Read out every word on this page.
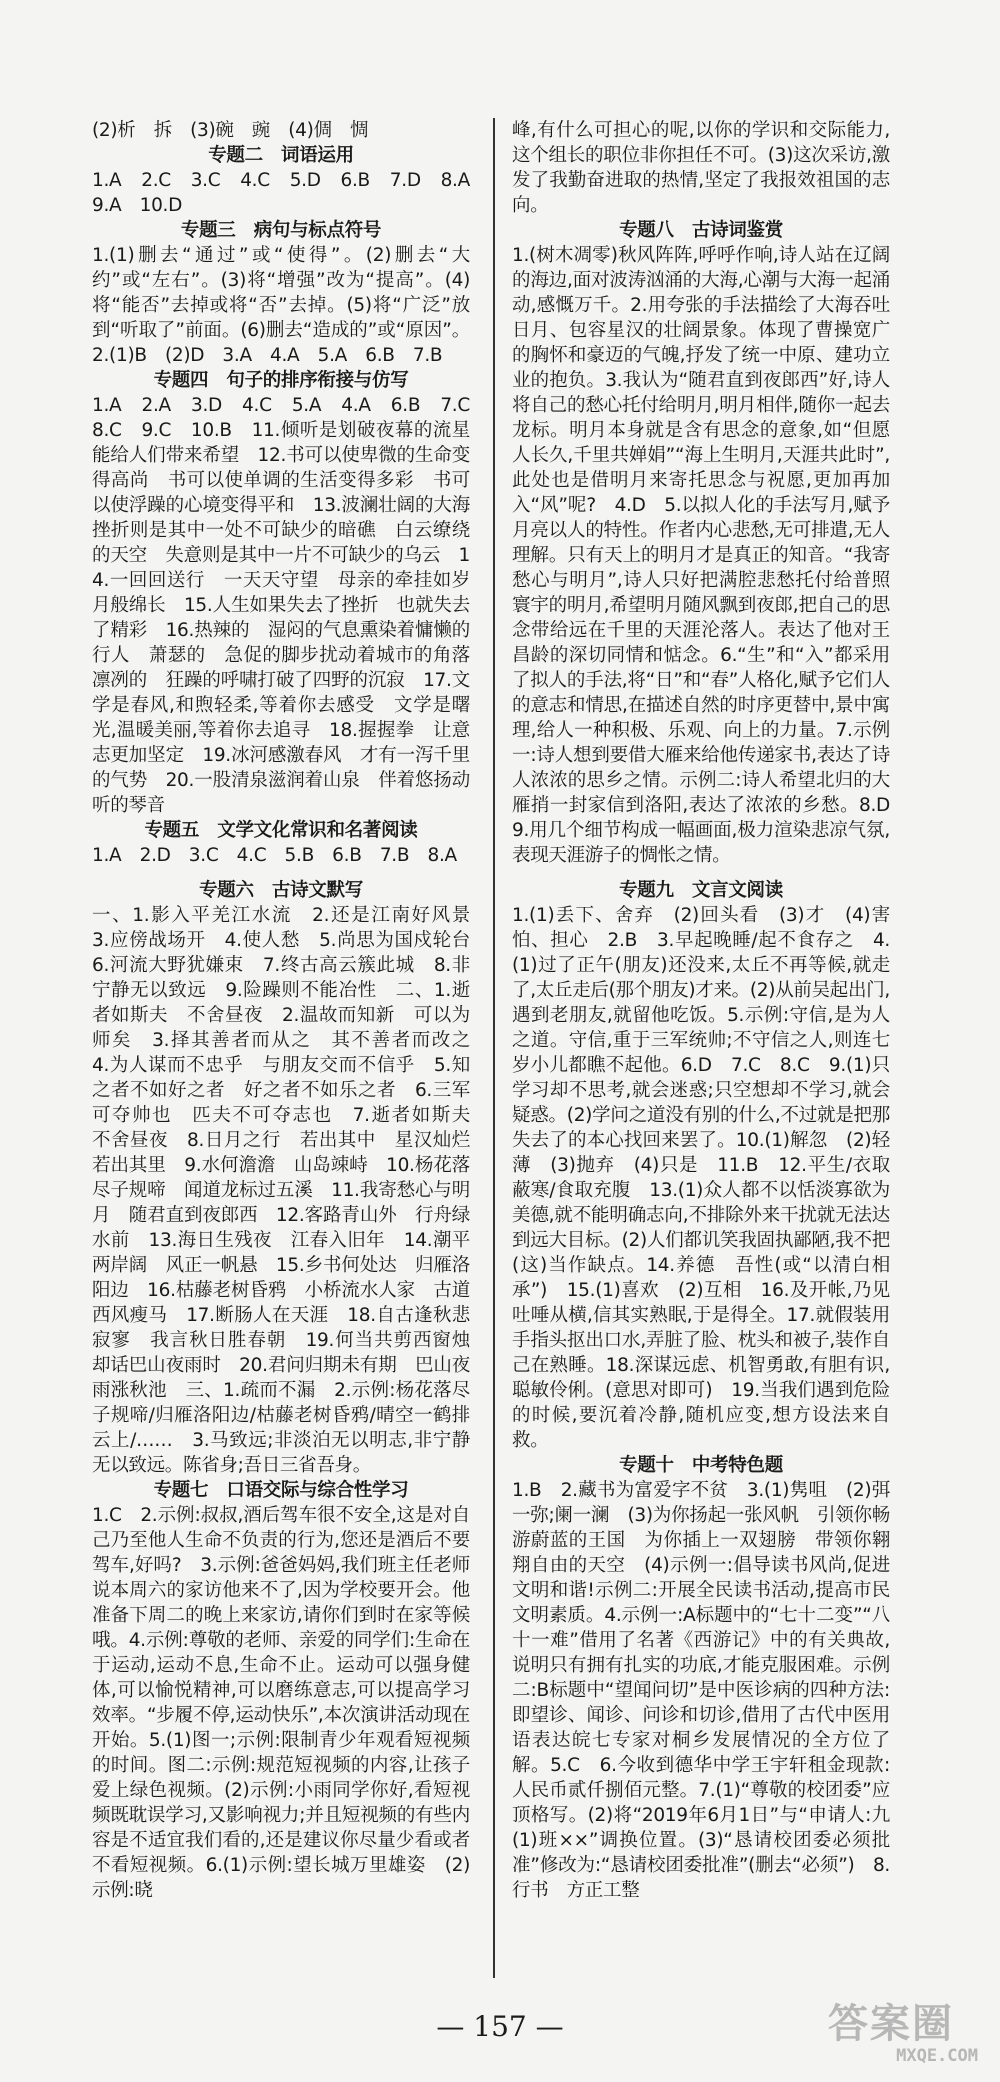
(2)析　拆　(3)碗　豌　(4)倜　惆

专题二　词语运用

1.A　2.C　3.C　4.C　5.D　6.B　7.D　8.A　9.A　10.D

专题三　病句与标点符号

1.(1)删去“通过”或“使得”。(2)删去“大约”或“左右”。(3)将“增强”改为“提高”。(4)将“能否”去掉或将“否”去掉。(5)将“广泛”放到“听取了”前面。(6)删去“造成的”或“原因”。2.(1)B　(2)D　3.A　4.A　5.A　6.B　7.B

专题四　句子的排序衔接与仿写

1.A　2.A　3.D　4.C　5.A　4.A　6.B　7.C　8.C　9.C　10.B　11.倾听是划破夜幕的流星　能给人们带来希望　12.书可以使卑微的生命变得高尚　书可以使单调的生活变得多彩　书可以使浮躁的心境变得平和　13.波澜壮阔的大海　挫折则是其中一处不可缺少的暗礁　白云缭绕的天空　失意则是其中一片不可缺少的乌云　14.一回回送行　一天天守望　母亲的牵挂如岁月般绵长　15.人生如果失去了挫折　也就失去了精彩　16.热辣的　湿闷的气息熏染着慵懒的行人　萧瑟的　急促的脚步扰动着城市的角落　凛冽的　狂躁的呼啸打破了四野的沉寂　17.文学是春风,和煦轻柔,等着你去感受　文学是曙光,温暖美丽,等着你去追寻　18.握握拳　让意志更加坚定　19.冰河感激春风　才有一泻千里的气势　20.一股清泉滋润着山泉　伴着悠扬动听的琴音

专题五　文学文化常识和名著阅读

1.A　2.D　3.C　4.C　5.B　6.B　7.B　8.A

专题六　古诗文默写

一、1.影入平羌江水流　2.还是江南好风景　3.应傍战场开　4.使人愁　5.尚思为国戍轮台　6.河流大野犹嫌束　7.终古高云簇此城　8.非宁静无以致远　9.险躁则不能冶性　二、1.逝者如斯夫　不舍昼夜　2.温故而知新　可以为师矣　3.择其善者而从之　其不善者而改之　4.为人谋而不忠乎　与朋友交而不信乎　5.知之者不如好之者　好之者不如乐之者　6.三军可夺帅也　匹夫不可夺志也　7.逝者如斯夫　不舍昼夜　8.日月之行　若出其中　星汉灿烂　若出其里　9.水何澹澹　山岛竦峙　10.杨花落尽子规啼　闻道龙标过五溪　11.我寄愁心与明月　随君直到夜郎西　12.客路青山外　行舟绿水前　13.海日生残夜　江春入旧年　14.潮平两岸阔　风正一帆悬　15.乡书何处达　归雁洛阳边　16.枯藤老树昏鸦　小桥流水人家　古道西风瘦马　17.断肠人在天涯　18.自古逢秋悲寂寥　我言秋日胜春朝　19.何当共剪西窗烛　却话巴山夜雨时　20.君问归期未有期　巴山夜雨涨秋池　三、1.疏而不漏　2.示例:杨花落尽子规啼/归雁洛阳边/枯藤老树昏鸦/晴空一鹤排云上/……　3.马致远;非淡泊无以明志,非宁静无以致远。陈省身;吾日三省吾身。

专题七　口语交际与综合性学习

1.C　2.示例:叔叔,酒后驾车很不安全,这是对自己乃至他人生命不负责的行为,您还是酒后不要驾车,好吗?　3.示例:爸爸妈妈,我们班主任老师说本周六的家访他来不了,因为学校要开会。他准备下周二的晚上来家访,请你们到时在家等候哦。4.示例:尊敬的老师、亲爱的同学们:生命在于运动,运动不息,生命不止。运动可以强身健体,可以愉悦精神,可以磨练意志,可以提高学习效率。“步履不停,运动快乐”,本次演讲活动现在开始。5.(1)图一;示例:限制青少年观看短视频的时间。图二:示例:规范短视频的内容,让孩子爱上绿色视频。(2)示例:小雨同学你好,看短视频既耽误学习,又影响视力;并且短视频的有些内容是不适宜我们看的,还是建议你尽量少看或者不看短视频。6.(1)示例:望长城万里雄姿　(2)示例:晓

峰,有什么可担心的呢,以你的学识和交际能力,这个组长的职位非你担任不可。(3)这次采访,激发了我勤奋进取的热情,坚定了我报效祖国的志向。

专题八　古诗词鉴赏

1.(树木凋零)秋风阵阵,呼呼作响,诗人站在辽阔的海边,面对波涛汹涌的大海,心潮与大海一起涌动,感慨万千。2.用夸张的手法描绘了大海吞吐日月、包容星汉的壮阔景象。体现了曹操宽广的胸怀和豪迈的气魄,抒发了统一中原、建功立业的抱负。3.我认为“随君直到夜郎西”好,诗人将自己的愁心托付给明月,明月相伴,随你一起去龙标。明月本身就是含有思念的意象,如“但愿人长久,千里共婵娟”“海上生明月,天涯共此时”,此处也是借明月来寄托思念与祝愿,更加再加入“风”呢?　4.D　5.以拟人化的手法写月,赋予月亮以人的特性。作者内心悲愁,无可排遣,无人理解。只有天上的明月才是真正的知音。“我寄愁心与明月”,诗人只好把满腔悲愁托付给普照寰宇的明月,希望明月随风飘到夜郎,把自己的思念带给远在千里的天涯沦落人。表达了他对王昌龄的深切同情和惦念。6.“生”和“入”都采用了拟人的手法,将“日”和“春”人格化,赋予它们人的意志和情思,在描述自然的时序更替中,景中寓理,给人一种积极、乐观、向上的力量。7.示例一:诗人想到要借大雁来给他传递家书,表达了诗人浓浓的思乡之情。示例二:诗人希望北归的大雁捎一封家信到洛阳,表达了浓浓的乡愁。8.D　9.用几个细节构成一幅画面,极力渲染悲凉气氛,表现天涯游子的惆怅之情。

专题九　文言文阅读

1.(1)丢下、舍弃　(2)回头看　(3)才　(4)害怕、担心　2.B　3.早起晚睡/起不食存之　4.(1)过了正午(朋友)还没来,太丘不再等候,就走了,太丘走后(那个朋友)才来。(2)从前吴起出门,遇到老朋友,就留他吃饭。5.示例:守信,是为人之道。守信,重于三军统帅;不守信之人,则连七岁小儿都瞧不起他。6.D　7.C　8.C　9.(1)只学习却不思考,就会迷惑;只空想却不学习,就会疑惑。(2)学问之道没有别的什么,不过就是把那失去了的本心找回来罢了。10.(1)解忽　(2)轻薄　(3)抛弃　(4)只是　11.B　12.平生/衣取蔽寒/食取充腹　13.(1)众人都不以恬淡寡欲为美德,就不能明确志向,不排除外来干扰就无法达到远大目标。(2)人们都讥笑我固执鄙陋,我不把(这)当作缺点。14.养德　吾性(或“以清白相承”)　15.(1)喜欢　(2)互相　16.及开帐,乃见吐唾从横,信其实熟眠,于是得全。17.就假装用手指头抠出口水,弄脏了脸、枕头和被子,装作自己在熟睡。18.深谋远虑、机智勇敢,有胆有识,聪敏伶俐。(意思对即可)　19.当我们遇到危险的时候,要沉着冷静,随机应变,想方设法来自救。

专题十　中考特色题

1.B　2.藏书为富爱字不贫　3.(1)隽咀　(2)弭一弥;阑一澜　(3)为你扬起一张风帆　引领你畅游蔚蓝的王国　为你插上一双翅膀　带领你翱翔自由的天空　(4)示例一:倡导读书风尚,促进文明和谐!示例二:开展全民读书活动,提高市民文明素质。4.示例一:A标题中的“七十二变”“八十一难”借用了名著《西游记》中的有关典故,说明只有拥有扎实的功底,才能克服困难。示例二:B标题中“望闻问切”是中医诊病的四种方法:即望诊、闻诊、问诊和切诊,借用了古代中医用语表达皖七专家对桐乡发展情况的全方位了解。5.C　6.今收到德华中学王宇轩租金现款:人民币贰仟捌佰元整。7.(1)“尊敬的校团委”应顶格写。(2)将“2019年6月1日”与“申请人:九(1)班××”调换位置。(3)“恳请校团委必须批准”修改为:“恳请校团委批准”(删去“必须”)　8.行书　方正工整

— 157 —	答案圈
MXQE.COM
